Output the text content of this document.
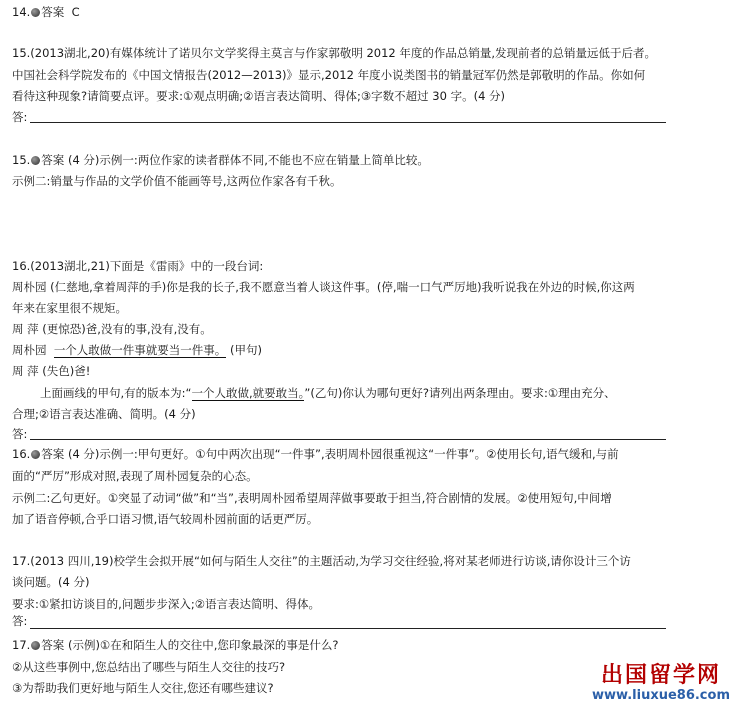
14. 答案 C
15.(2013湖北,20)有媒体统计了诺贝尔文学奖得主莫言与作家郭敬明 2012 年度的作品总销量,发现前者的总销量远低于后者。
中国社会科学院发布的《中国文情报告(2012—2013)》显示,2012 年度小说类图书的销量冠军仍然是郭敬明的作品。你如何
看待这种现象?请简要点评。要求:①观点明确;②语言表达简明、得体;③字数不超过 30 字。(4 分)
答:
15. 答案 (4 分)示例一:两位作家的读者群体不同,不能也不应在销量上简单比较。
示例二:销量与作品的文学价值不能画等号,这两位作家各有千秋。
16.(2013湖北,21)下面是《雷雨》中的一段台词:
周朴园 (仁慈地,拿着周萍的手)你是我的长子,我不愿意当着人谈这件事。(停,喘一口气严厉地)我听说我在外边的时候,你这两
年来在家里很不规矩。
周 萍 (更惊恐)爸,没有的事,没有,没有。
周朴园 一个人敢做一件事就要当一件事。 (甲句)
周 萍 (失色)爸!
上面画线的甲句,有的版本为:“一个人敢做,就要敢当。”(乙句)你认为哪句更好?请列出两条理由。要求:①理由充分、
合理;②语言表达准确、简明。(4 分)
答:
16. 答案 (4 分)示例一:甲句更好。①句中两次出现“一件事”,表明周朴园很重视这“一件事”。②使用长句,语气缓和,与前
面的“严厉”形成对照,表现了周朴园复杂的心态。
示例二:乙句更好。①突显了动词“做”和“当”,表明周朴园希望周萍做事要敢于担当,符合剧情的发展。②使用短句,中间增
加了语音停顿,合乎口语习惯,语气较周朴园前面的话更严厉。
17.(2013 四川,19)校学生会拟开展“如何与陌生人交往”的主题活动,为学习交往经验,将对某老师进行访谈,请你设计三个访
谈问题。(4 分)
要求:①紧扣访谈目的,问题步步深入;②语言表达简明、得体。
答:
17. 答案 (示例)①在和陌生人的交往中,您印象最深的事是什么?
②从这些事例中,您总结出了哪些与陌生人交往的技巧?
③为帮助我们更好地与陌生人交往,您还有哪些建议?	出国留学网
www.liuxue86.com
